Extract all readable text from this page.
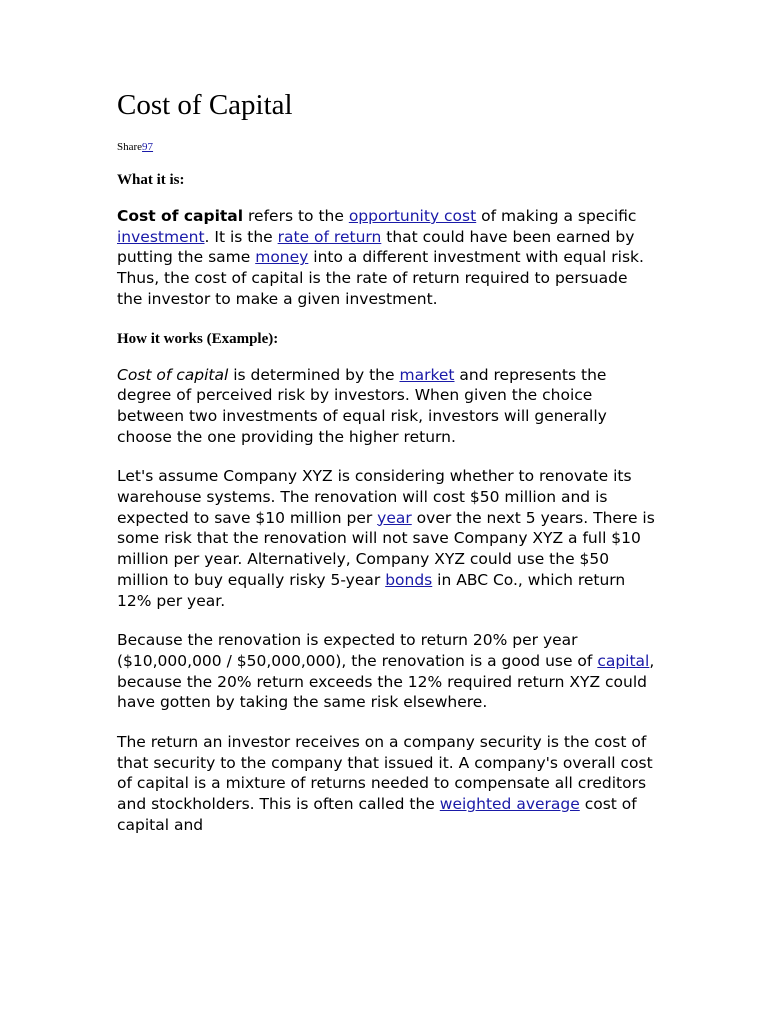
Cost of Capital
Share97
What it is:

Cost of capital refers to the opportunity cost of making a specific investment. It is the rate of return that could have been earned by putting the same money into a different investment with equal risk. Thus, the cost of capital is the rate of return required to persuade the investor to make a given investment.

How it works (Example):

Cost of capital is determined by the market and represents the degree of perceived risk by investors. When given the choice between two investments of equal risk, investors will generally choose the one providing the higher return.

Let's assume Company XYZ is considering whether to renovate its warehouse systems. The renovation will cost $50 million and is expected to save $10 million per year over the next 5 years. There is some risk that the renovation will not save Company XYZ a full $10 million per year. Alternatively, Company XYZ could use the $50 million to buy equally risky 5-year bonds in ABC Co., which return 12% per year.

Because the renovation is expected to return 20% per year ($10,000,000 / $50,000,000), the renovation is a good use of capital, because the 20% return exceeds the 12% required return XYZ could have gotten by taking the same risk elsewhere.

The return an investor receives on a company security is the cost of that security to the company that issued it. A company's overall cost of capital is a mixture of returns needed to compensate all creditors and stockholders. This is often called the weighted average cost of capital and
